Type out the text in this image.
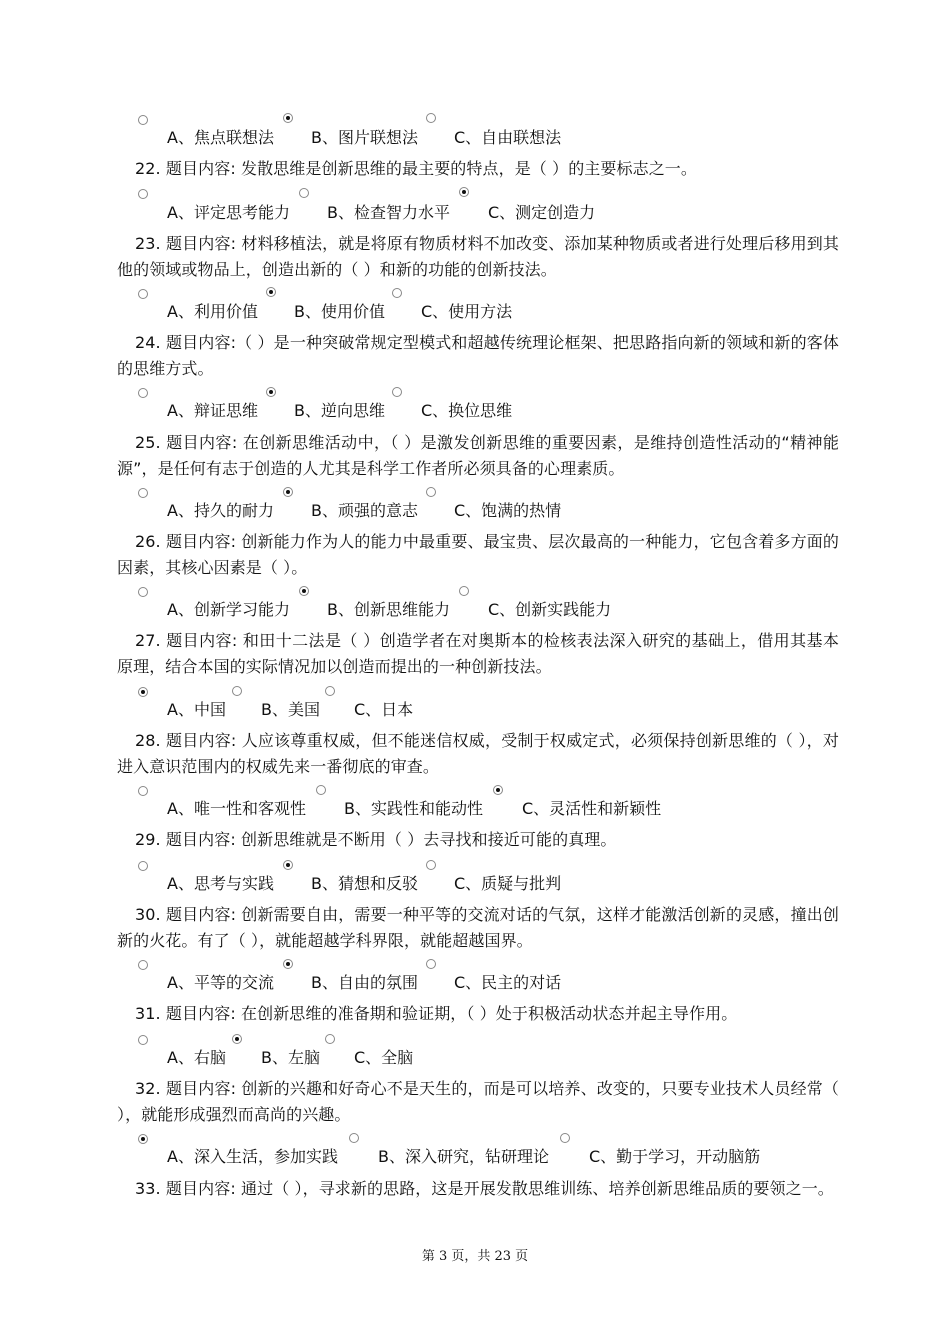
A、焦点联想法 B、图片联想法 C、自由联想法
22. 题目内容: 发散思维是创新思维的最主要的特点，是（ ）的主要标志之一。
A、评定思考能力 B、检查智力水平 C、测定创造力
23. 题目内容: 材料移植法，就是将原有物质材料不加改变、添加某种物质或者进行处理后移用到其他的领域或物品上，创造出新的（ ）和新的功能的创新技法。
A、利用价值 B、使用价值 C、使用方法
24. 题目内容:（ ）是一种突破常规定型模式和超越传统理论框架、把思路指向新的领域和新的客体的思维方式。
A、辩证思维 B、逆向思维 C、换位思维
25. 题目内容: 在创新思维活动中，（ ）是激发创新思维的重要因素，是维持创造性活动的“精神能源”，是任何有志于创造的人尤其是科学工作者所必须具备的心理素质。
A、持久的耐力 B、顽强的意志 C、饱满的热情
26. 题目内容: 创新能力作为人的能力中最重要、最宝贵、层次最高的一种能力，它包含着多方面的因素，其核心因素是（ ）。
A、创新学习能力 B、创新思维能力 C、创新实践能力
27. 题目内容: 和田十二法是（ ）创造学者在对奥斯本的检核表法深入研究的基础上，借用其基本原理，结合本国的实际情况加以创造而提出的一种创新技法。
A、中国 B、美国 C、日本
28. 题目内容: 人应该尊重权威，但不能迷信权威，受制于权威定式，必须保持创新思维的（ ），对进入意识范围内的权威先来一番彻底的审查。
A、唯一性和客观性 B、实践性和能动性 C、灵活性和新颖性
29. 题目内容: 创新思维就是不断用（ ）去寻找和接近可能的真理。
A、思考与实践 B、猜想和反驳 C、质疑与批判
30. 题目内容: 创新需要自由，需要一种平等的交流对话的气氛，这样才能激活创新的灵感，撞出创新的火花。有了（ ），就能超越学科界限，就能超越国界。
A、平等的交流 B、自由的氛围 C、民主的对话
31. 题目内容: 在创新思维的准备期和验证期，（ ）处于积极活动状态并起主导作用。
A、右脑 B、左脑 C、全脑
32. 题目内容: 创新的兴趣和好奇心不是天生的，而是可以培养、改变的，只要专业技术人员经常（ ），就能形成强烈而高尚的兴趣。
A、深入生活，参加实践	B、深入研究，钻研理论	C、勤于学习，开动脑筋
33. 题目内容: 通过（ ），寻求新的思路，这是开展发散思维训练、培养创新思维品质的要领之一。
第 3 页，共 23 页
